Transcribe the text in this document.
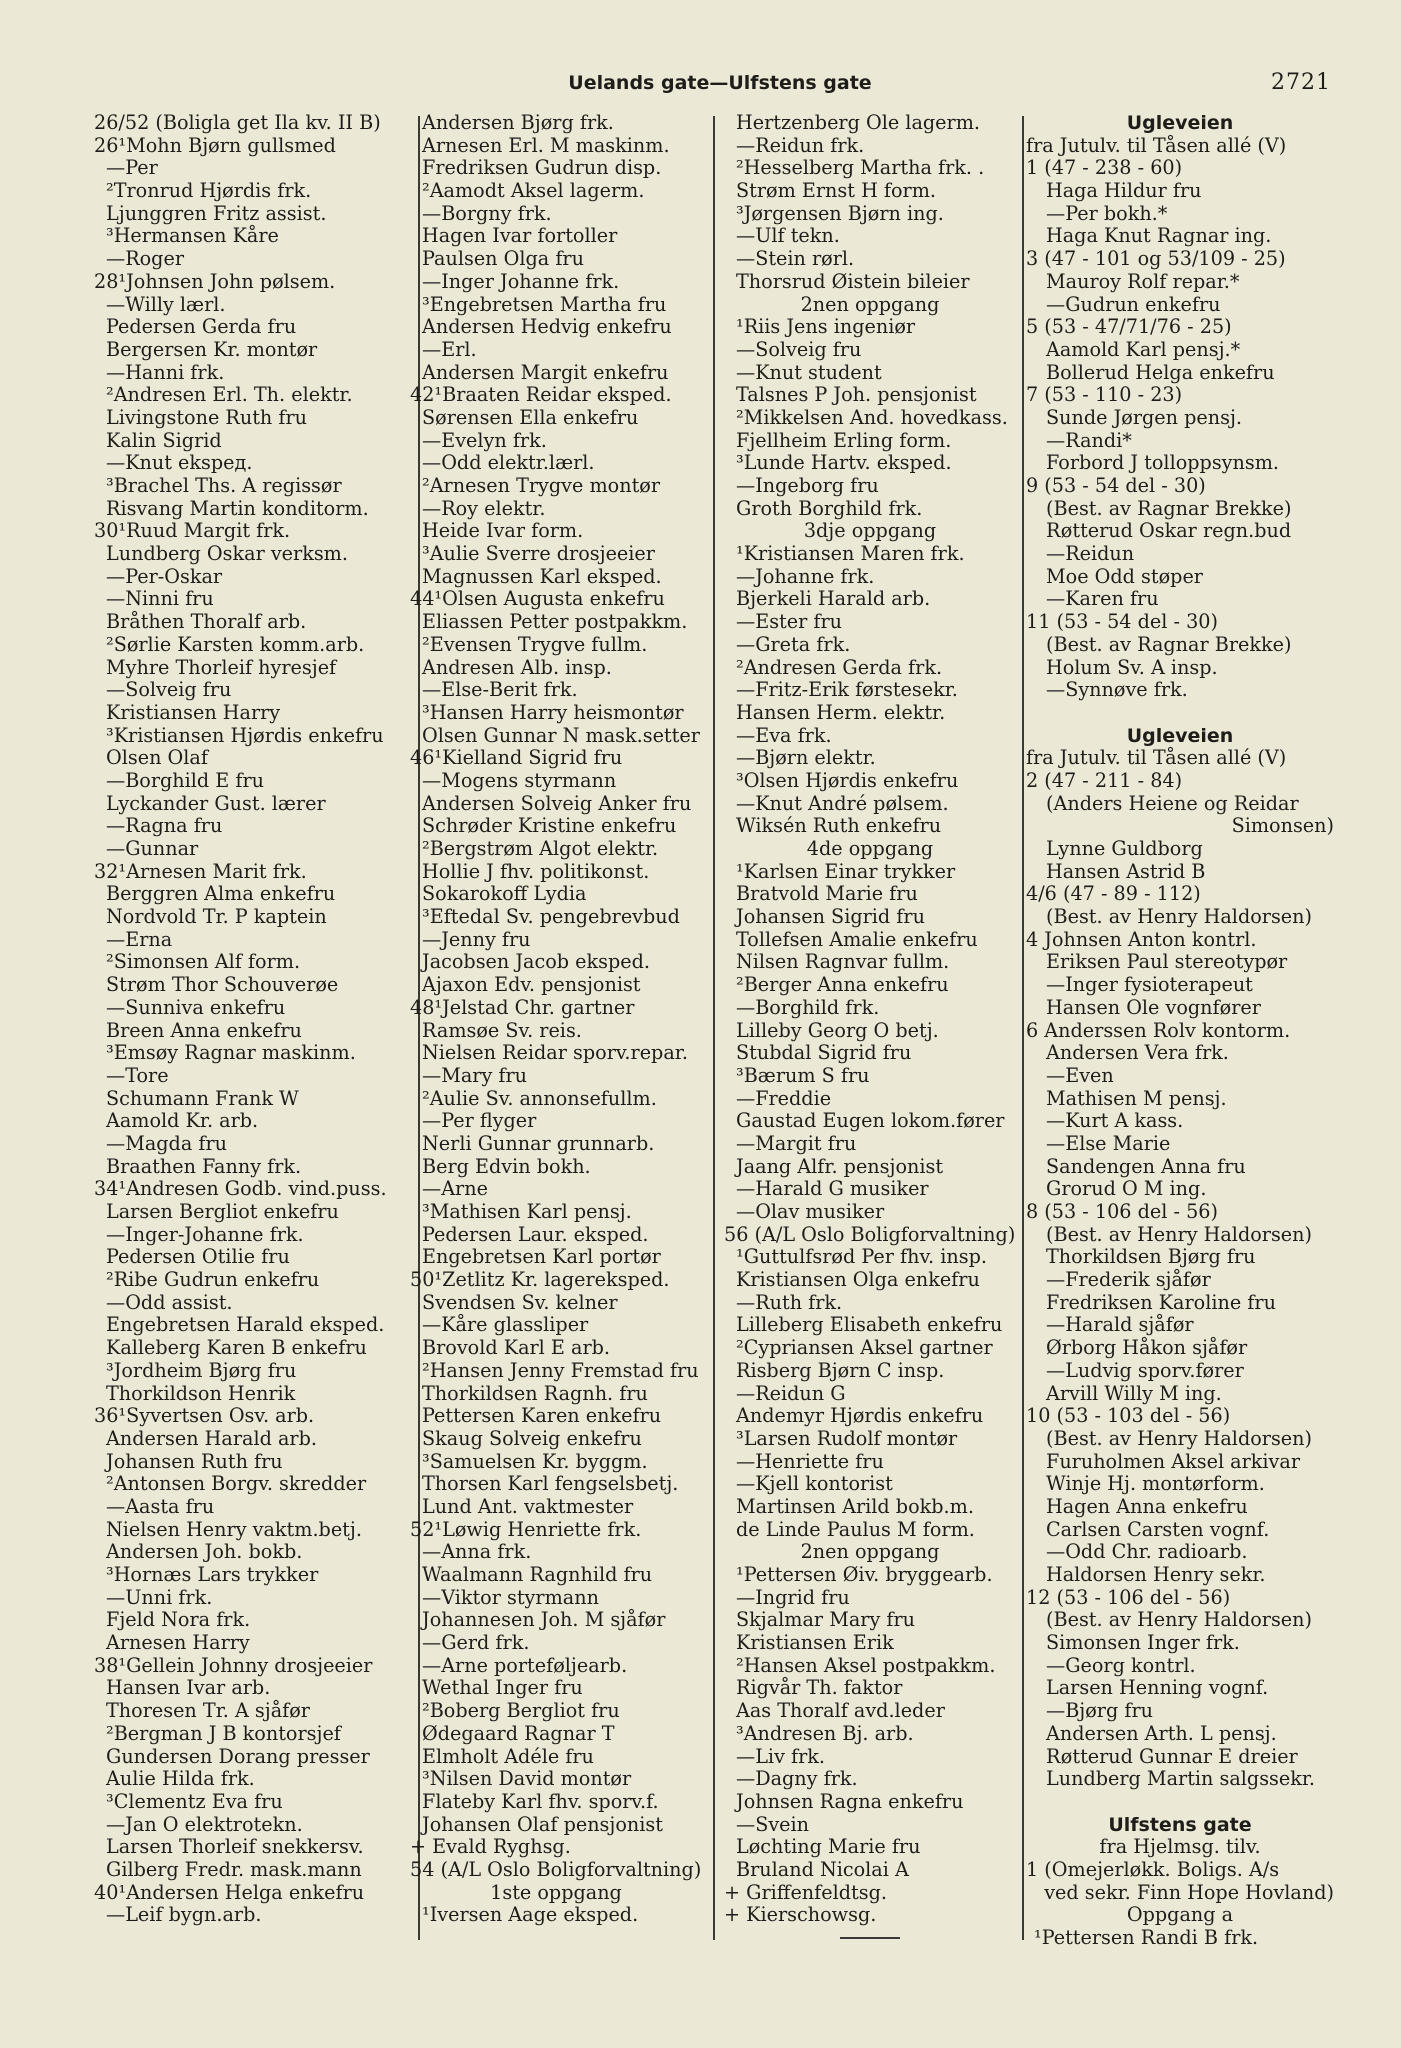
Uelands gate—Ulfstens gate	2721
26/52 (Boligla get Ila kv. II B)
26¹Mohn Bjørn gullsmed
—Per
²Tronrud Hjørdis frk.
Ljunggren Fritz assist.
³Hermansen Kåre
—Roger
28¹Johnsen John pølsem.
—Willy lærl.
Pedersen Gerda fru
Bergersen Kr. montør
—Hanni frk.
²Andresen Erl. Th. elektr.
Livingstone Ruth fru
Kalin Sigrid
—Knut ekspeд.
³Brachel Ths. A regissør
Risvang Martin konditorm.
30¹Ruud Margit frk.
Lundberg Oskar verksm.
—Per-Oskar
—Ninni fru
Bråthen Thoralf arb.
²Sørlie Karsten komm.arb.
Myhre Thorleif hyresjef
—Solveig fru
Kristiansen Harry
³Kristiansen Hjørdis enkefru
Olsen Olaf
—Borghild E fru
Lyckander Gust. lærer
—Ragna fru
—Gunnar
32¹Arnesen Marit frk.
Berggren Alma enkefru
Nordvold Tr. P kaptein
—Erna
²Simonsen Alf form.
Strøm Thor Schouverøe
—Sunniva enkefru
Breen Anna enkefru
³Emsøy Ragnar maskinm.
—Tore
Schumann Frank W
Aamold Kr. arb.
—Magda fru
Braathen Fanny frk.
34¹Andresen Godb. vind.puss.
Larsen Bergliot enkefru
—Inger-Johanne frk.
Pedersen Otilie fru
²Ribe Gudrun enkefru
—Odd assist.
Engebretsen Harald eksped.
Kalleberg Karen B enkefru
³Jordheim Bjørg fru
Thorkildson Henrik
36¹Syvertsen Osv. arb.
Andersen Harald arb.
Johansen Ruth fru
²Antonsen Borgv. skredder
—Aasta fru
Nielsen Henry vaktm.betj.
Andersen Joh. bokb.
³Hornæs Lars trykker
—Unni frk.
Fjeld Nora frk.
Arnesen Harry
38¹Gellein Johnny drosjeeier
Hansen Ivar arb.
Thoresen Tr. A sjåfør
²Bergman J B kontorsjef
Gundersen Dorang presser
Aulie Hilda frk.
³Clementz Eva fru
—Jan O elektrotekn.
Larsen Thorleif snekkersv.
Gilberg Fredr. mask.mann
40¹Andersen Helga enkefru
—Leif bygn.arb.
Andersen Bjørg frk.
Arnesen Erl. M maskinm.
Fredriksen Gudrun disp.
²Aamodt Aksel lagerm.
—Borgny frk.
Hagen Ivar fortoller
Paulsen Olga fru
—Inger Johanne frk.
³Engebretsen Martha fru
Andersen Hedvig enkefru
—Erl.
Andersen Margit enkefru
42¹Braaten Reidar eksped.
Sørensen Ella enkefru
—Evelyn frk.
—Odd elektr.lærl.
²Arnesen Trygve montør
—Roy elektr.
Heide Ivar form.
³Aulie Sverre drosjeeier
Magnussen Karl eksped.
44¹Olsen Augusta enkefru
Eliassen Petter postpakkm.
²Evensen Trygve fullm.
Andresen Alb. insp.
—Else-Berit frk.
³Hansen Harry heismontør
Olsen Gunnar N mask.setter
46¹Kielland Sigrid fru
—Mogens styrmann
Andersen Solveig Anker fru
Schrøder Kristine enkefru
²Bergstrøm Algot elektr.
Hollie J fhv. politikonst.
Sokarokoff Lydia
³Eftedal Sv. pengebrevbud
—Jenny fru
Jacobsen Jacob eksped.
Ajaxon Edv. pensjonist
48¹Jelstad Chr. gartner
Ramsøe Sv. reis.
Nielsen Reidar sporv.repar.
—Mary fru
²Aulie Sv. annonsefullm.
—Per flyger
Nerli Gunnar grunnarb.
Berg Edvin bokh.
—Arne
³Mathisen Karl pensj.
Pedersen Laur. eksped.
Engebretsen Karl portør
50¹Zetlitz Kr. lagereksped.
Svendsen Sv. kelner
—Kåre glassliper
Brovold Karl E arb.
²Hansen Jenny Fremstad fru
Thorkildsen Ragnh. fru
Pettersen Karen enkefru
Skaug Solveig enkefru
³Samuelsen Kr. byggm.
Thorsen Karl fengselsbetj.
Lund Ant. vaktmester
52¹Løwig Henriette frk.
—Anna frk.
Waalmann Ragnhild fru
—Viktor styrmann
Johannesen Joh. M sjåfør
—Gerd frk.
—Arne porteføljearb.
Wethal Inger fru
²Boberg Bergliot fru
Ødegaard Ragnar T
Elmholt Adéle fru
³Nilsen David montør
Flateby Karl fhv. sporv.f.
Johansen Olaf pensjonist
+ Evald Ryghsg.
54 (A/L Oslo Boligforvaltning)
1ste oppgang
¹Iversen Aage eksped.
Hertzenberg Ole lagerm.
—Reidun frk.
²Hesselberg Martha frk. .
Strøm Ernst H form.
³Jørgensen Bjørn ing.
—Ulf tekn.
—Stein rørl.
Thorsrud Øistein bileier
2nen oppgang
¹Riis Jens ingeniør
—Solveig fru
—Knut student
Talsnes P Joh. pensjonist
²Mikkelsen And. hovedkass.
Fjellheim Erling form.
³Lunde Hartv. eksped.
—Ingeborg fru
Groth Borghild frk.
3dje oppgang
¹Kristiansen Maren frk.
—Johanne frk.
Bjerkeli Harald arb.
—Ester fru
—Greta frk.
²Andresen Gerda frk.
—Fritz-Erik førstesekr.
Hansen Herm. elektr.
—Eva frk.
—Bjørn elektr.
³Olsen Hjørdis enkefru
—Knut André pølsem.
Wiksén Ruth enkefru
4de oppgang
¹Karlsen Einar trykker
Bratvold Marie fru
Johansen Sigrid fru
Tollefsen Amalie enkefru
Nilsen Ragnvar fullm.
²Berger Anna enkefru
—Borghild frk.
Lilleby Georg O betj.
Stubdal Sigrid fru
³Bærum S fru
—Freddie
Gaustad Eugen lokom.fører
—Margit fru
Jaang Alfr. pensjonist
—Harald G musiker
—Olav musiker
56 (A/L Oslo Boligforvaltning)
¹Guttulfsrød Per fhv. insp.
Kristiansen Olga enkefru
—Ruth frk.
Lilleberg Elisabeth enkefru
²Cypriansen Aksel gartner
Risberg Bjørn C insp.
—Reidun G
Andemyr Hjørdis enkefru
³Larsen Rudolf montør
—Henriette fru
—Kjell kontorist
Martinsen Arild bokb.m.
de Linde Paulus M form.
2nen oppgang
¹Pettersen Øiv. bryggearb.
—Ingrid fru
Skjalmar Mary fru
Kristiansen Erik
²Hansen Aksel postpakkm.
Rigvår Th. faktor
Aas Thoralf avd.leder
³Andresen Bj. arb.
—Liv frk.
—Dagny frk.
Johnsen Ragna enkefru
—Svein
Løchting Marie fru
Bruland Nicolai A
+ Griffenfeldtsg.
+ Kierschowsg.
Ugleveien
fra Jutulv. til Tåsen allé (V)
1 (47 - 238 - 60)
Haga Hildur fru
—Per bokh.*
Haga Knut Ragnar ing.
3 (47 - 101 og 53/109 - 25)
Mauroy Rolf repar.*
—Gudrun enkefru
5 (53 - 47/71/76 - 25)
Aamold Karl pensj.*
Bollerud Helga enkefru
7 (53 - 110 - 23)
Sunde Jørgen pensj.
—Randi*
Forbord J tolloppsynsm.
9 (53 - 54 del - 30)
(Best. av Ragnar Brekke)
Røtterud Oskar regn.bud
—Reidun
Moe Odd støper
—Karen fru
11 (53 - 54 del - 30)
(Best. av Ragnar Brekke)
Holum Sv. A insp.
—Synnøve frk.
Ugleveien
fra Jutulv. til Tåsen allé (V)
2 (47 - 211 - 84)
(Anders Heiene og Reidar
Simonsen)
Lynne Guldborg
Hansen Astrid B
4/6 (47 - 89 - 112)
(Best. av Henry Haldorsen)
4 Johnsen Anton kontrl.
Eriksen Paul stereotypør
—Inger fysioterapeut
Hansen Ole vognfører
6 Anderssen Rolv kontorm.
Andersen Vera frk.
—Even
Mathisen M pensj.
—Kurt A kass.
—Else Marie
Sandengen Anna fru
Grorud O M ing.
8 (53 - 106 del - 56)
(Best. av Henry Haldorsen)
Thorkildsen Bjørg fru
—Frederik sjåfør
Fredriksen Karoline fru
—Harald sjåfør
Ørborg Håkon sjåfør
—Ludvig sporv.fører
Arvill Willy M ing.
10 (53 - 103 del - 56)
(Best. av Henry Haldorsen)
Furuholmen Aksel arkivar
Winje Hj. montørform.
Hagen Anna enkefru
Carlsen Carsten vognf.
—Odd Chr. radioarb.
Haldorsen Henry sekr.
12 (53 - 106 del - 56)
(Best. av Henry Haldorsen)
Simonsen Inger frk.
—Georg kontrl.
Larsen Henning vognf.
—Bjørg fru
Andersen Arth. L pensj.
Røtterud Gunnar E dreier
Lundberg Martin salgssekr.
Ulfstens gate
fra Hjelmsg. tilv.
1 (Omejerløkk. Boligs. A/s
ved sekr. Finn Hope Hovland)
Oppgang a
¹Pettersen Randi B frk.
